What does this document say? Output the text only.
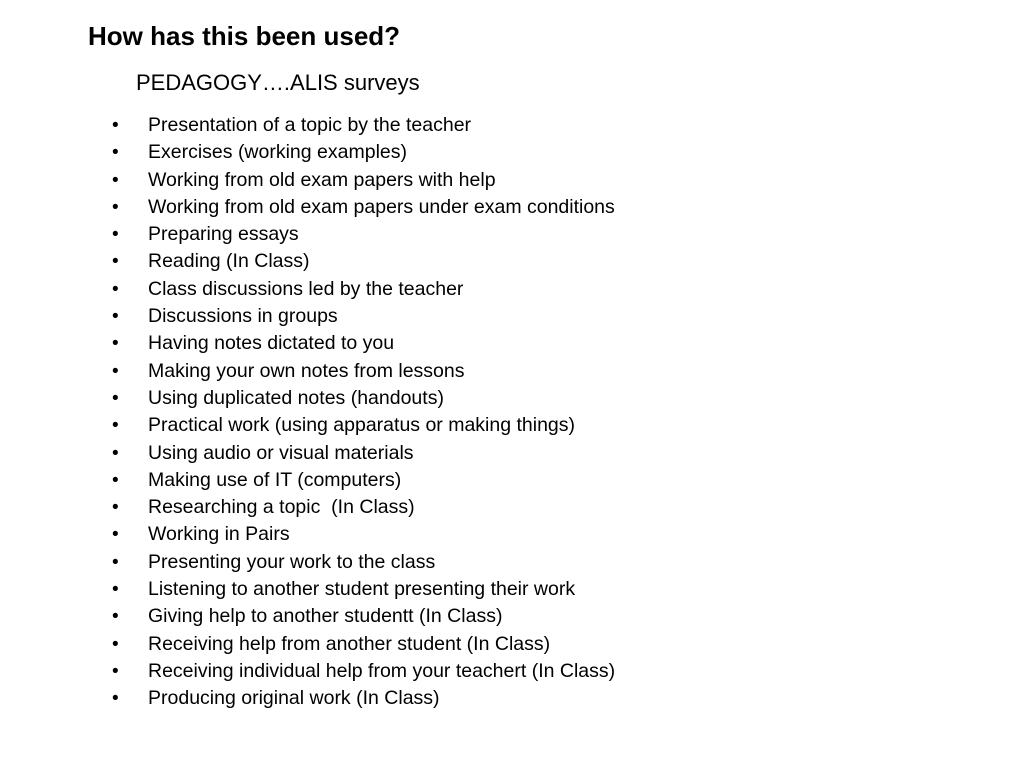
How has this been used?
PEDAGOGY….ALIS surveys
• Presentation of a topic by the teacher
• Exercises (working examples)
• Working from old exam papers with help
• Working from old exam papers under exam conditions
• Preparing essays
• Reading (In Class)
• Class discussions led by the teacher
• Discussions in groups
• Having notes dictated to you
• Making your own notes from lessons
• Using duplicated notes (handouts)
• Practical work (using apparatus or making things)
• Using audio or visual materials
• Making use of IT (computers)
• Researching a topic  (In Class)
• Working in Pairs
• Presenting your work to the class
• Listening to another student presenting their work
• Giving help to another studentt (In Class)
• Receiving help from another student (In Class)
• Receiving individual help from your teachert (In Class)
• Producing original work (In Class)
